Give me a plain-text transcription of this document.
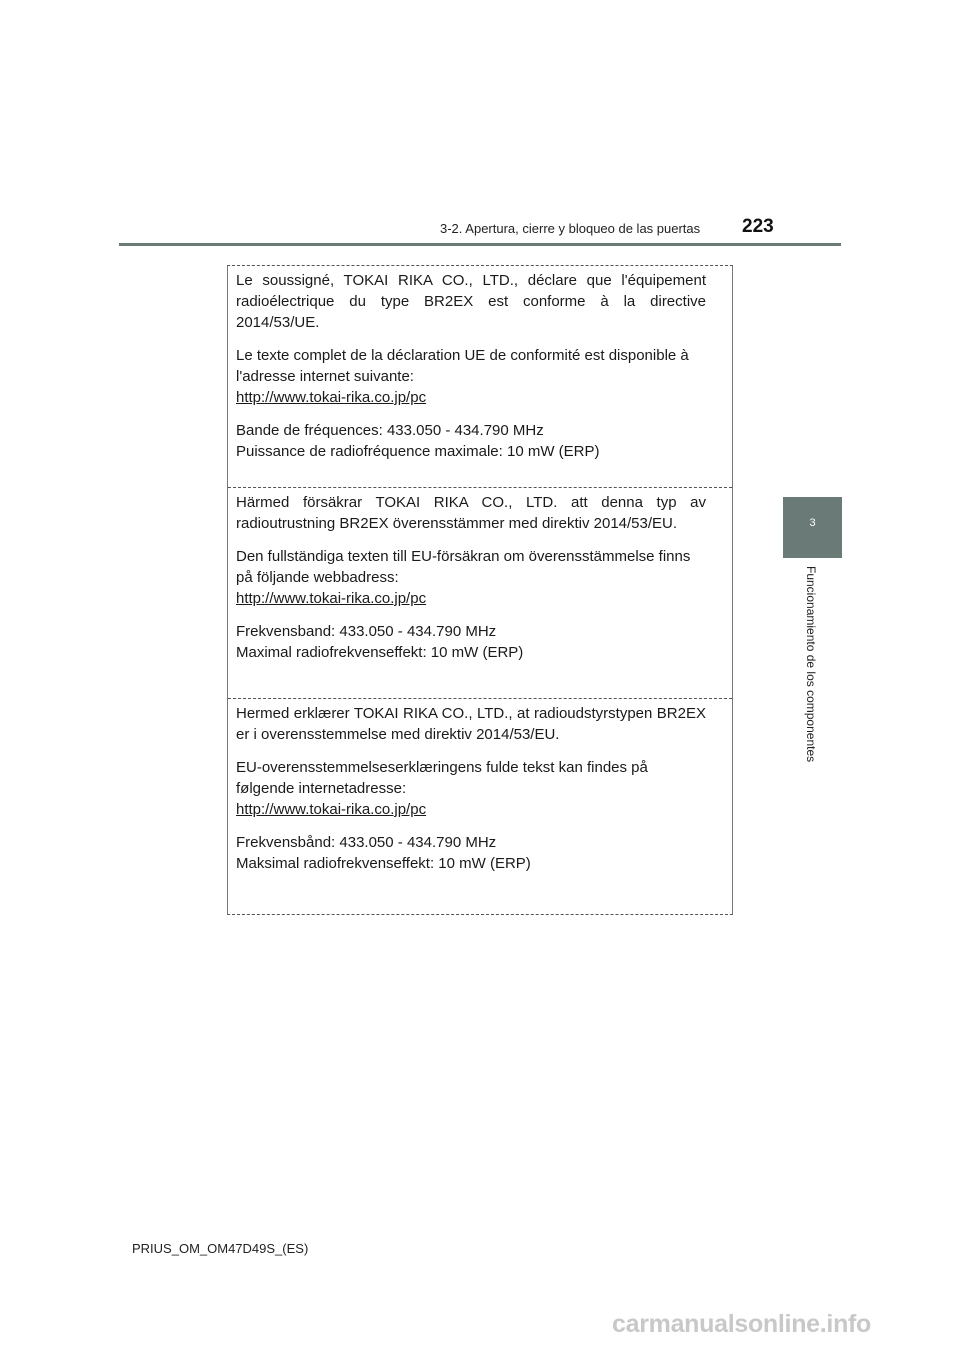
3-2. Apertura, cierre y bloqueo de las puertas 223
3
Funcionamiento de los componentes

Le soussigné, TOKAI RIKA CO., LTD., déclare que l'équipement radioélectrique du type BR2EX est conforme à la directive 2014/53/UE.

Le texte complet de la déclaration UE de conformité est disponible à l'adresse internet suivante:
http://www.tokai-rika.co.jp/pc

Bande de fréquences: 433.050 - 434.790 MHz
Puissance de radiofréquence maximale: 10 mW (ERP)

Härmed försäkrar TOKAI RIKA CO., LTD. att denna typ av radioutrustning BR2EX överensstämmer med direktiv 2014/53/EU.

Den fullständiga texten till EU-försäkran om överensstämmelse finns på följande webbadress:
http://www.tokai-rika.co.jp/pc

Frekvensband: 433.050 - 434.790 MHz
Maximal radiofrekvenseffekt: 10 mW (ERP)

Hermed erklærer TOKAI RIKA CO., LTD., at radioudstyrstypen BR2EX er i overensstemmelse med direktiv 2014/53/EU.

EU-overensstemmelseserklæringens fulde tekst kan findes på følgende internetadresse:
http://www.tokai-rika.co.jp/pc

Frekvensbånd: 433.050 - 434.790 MHz
Maksimal radiofrekvenseffekt: 10 mW (ERP)

PRIUS_OM_OM47D49S_(ES)
carmanualsonline.info
